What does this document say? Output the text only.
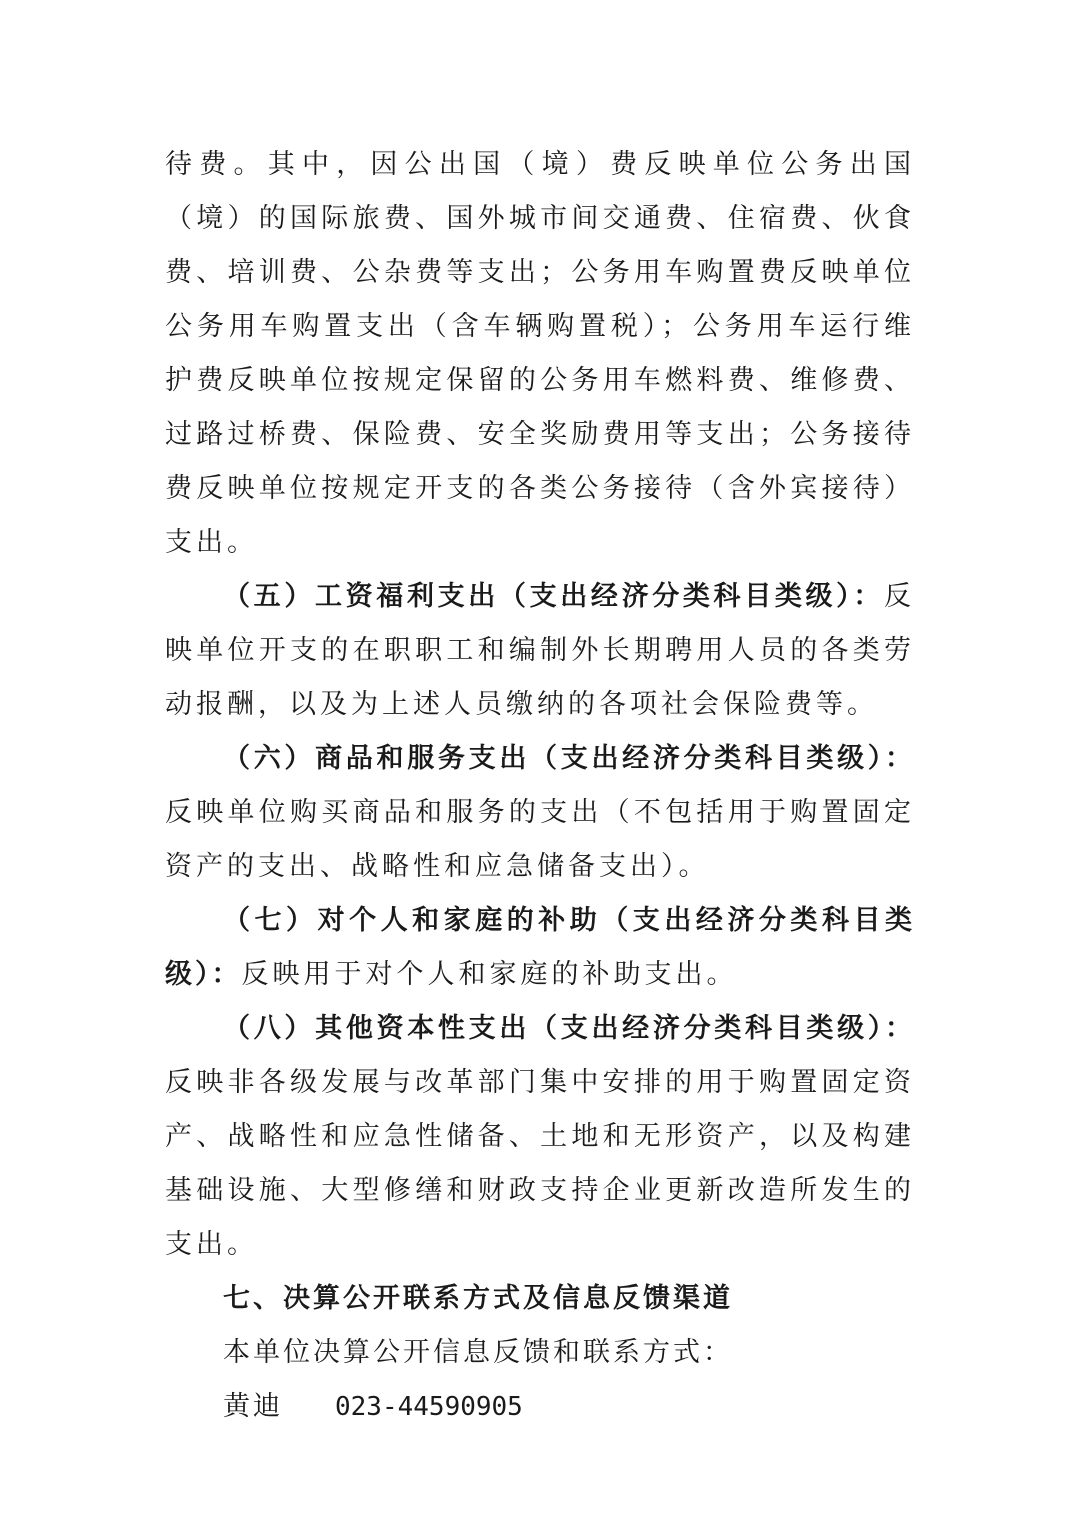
待费。其中，因公出国（境）费反映单位公务出国（境）的国际旅费、国外城市间交通费、住宿费、伙食费、培训费、公杂费等支出；公务用车购置费反映单位公务用车购置支出（含车辆购置税）；公务用车运行维护费反映单位按规定保留的公务用车燃料费、维修费、过路过桥费、保险费、安全奖励费用等支出；公务接待费反映单位按规定开支的各类公务接待（含外宾接待）支出。

（五）工资福利支出（支出经济分类科目类级）：反映单位开支的在职职工和编制外长期聘用人员的各类劳动报酬，以及为上述人员缴纳的各项社会保险费等。

（六）商品和服务支出（支出经济分类科目类级）：反映单位购买商品和服务的支出（不包括用于购置固定资产的支出、战略性和应急储备支出）。

（七）对个人和家庭的补助（支出经济分类科目类级）：反映用于对个人和家庭的补助支出。

（八）其他资本性支出（支出经济分类科目类级）：反映非各级发展与改革部门集中安排的用于购置固定资产、战略性和应急性储备、土地和无形资产，以及构建基础设施、大型修缮和财政支持企业更新改造所发生的支出。

七、决算公开联系方式及信息反馈渠道

本单位决算公开信息反馈和联系方式：

黄迪 023-44590905
